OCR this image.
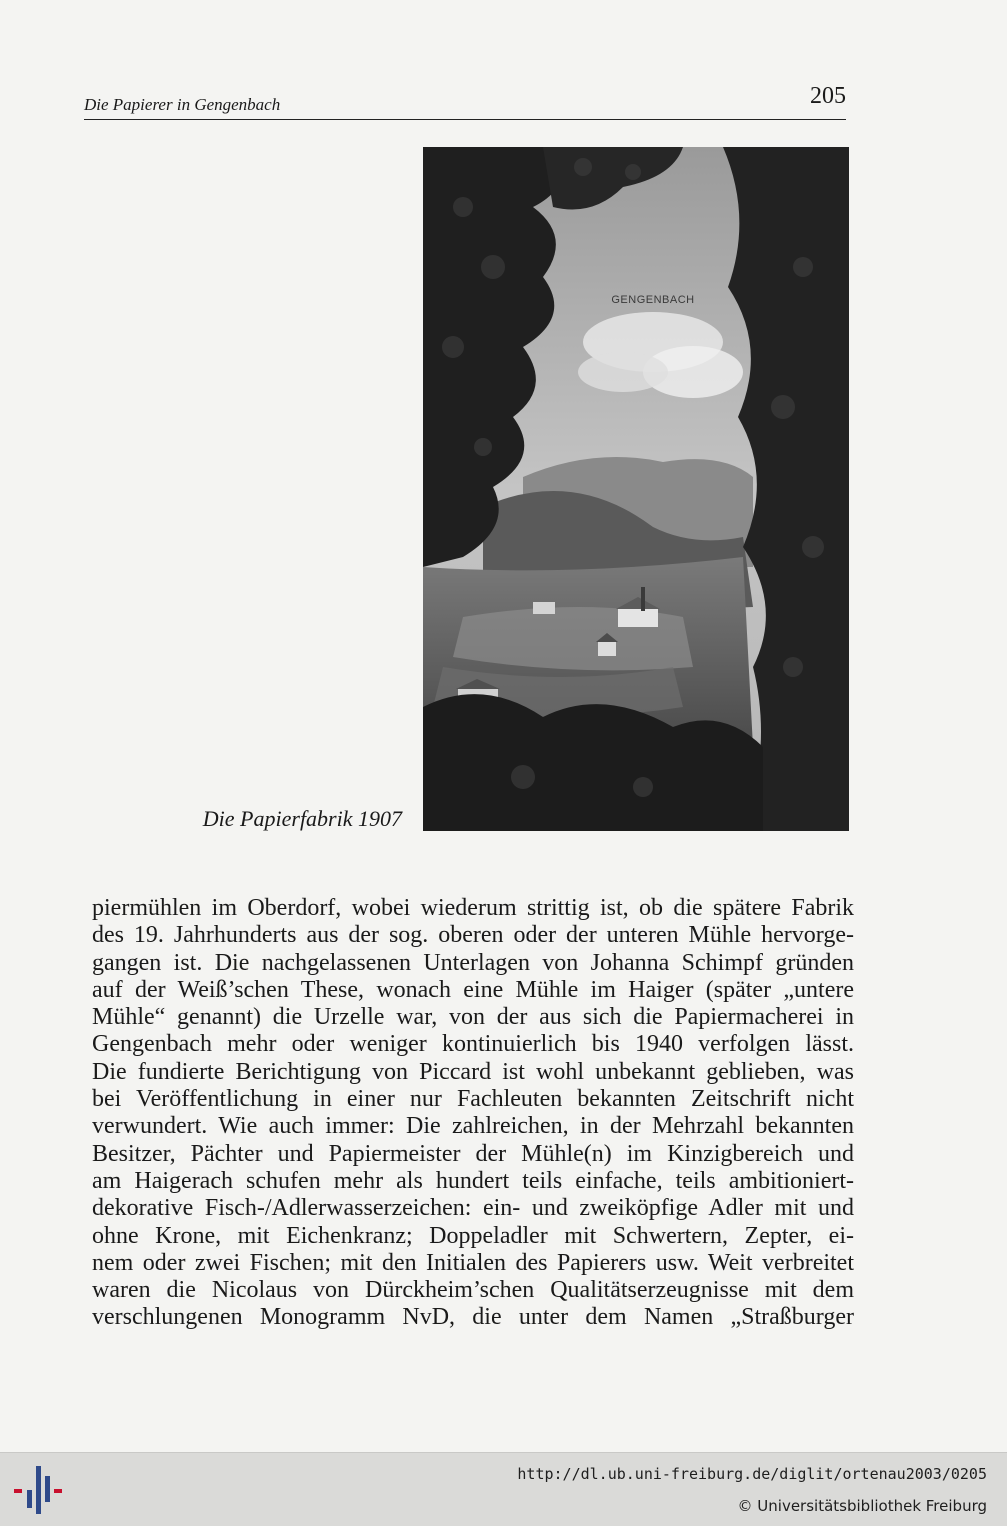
Die Papierer in Gengenbach	205
GENGENBACH
Die Papierfabrik 1907
piermühlen im Oberdorf, wobei wiederum strittig ist, ob die spätere Fabrik
des 19. Jahrhunderts aus der sog. oberen oder der unteren Mühle hervorge-
gangen ist. Die nachgelassenen Unterlagen von Johanna Schimpf gründen
auf der Weiß’schen These, wonach eine Mühle im Haiger (später „untere
Mühle“ genannt) die Urzelle war, von der aus sich die Papiermacherei in
Gengenbach mehr oder weniger kontinuierlich bis 1940 verfolgen lässt.
Die fundierte Berichtigung von Piccard ist wohl unbekannt geblieben, was
bei Veröffentlichung in einer nur Fachleuten bekannten Zeitschrift nicht
verwundert. Wie auch immer: Die zahlreichen, in der Mehrzahl bekannten
Besitzer, Pächter und Papiermeister der Mühle(n) im Kinzigbereich und
am Haigerach schufen mehr als hundert teils einfache, teils ambitioniert-
dekorative Fisch-/Adlerwasserzeichen: ein- und zweiköpfige Adler mit und
ohne Krone, mit Eichenkranz; Doppeladler mit Schwertern, Zepter, ei-
nem oder zwei Fischen; mit den Initialen des Papierers usw. Weit verbreitet
waren die Nicolaus von Dürckheim’schen Qualitätserzeugnisse mit dem
verschlungenen Monogramm NvD, die unter dem Namen „Straßburger
http://dl.ub.uni-freiburg.de/diglit/ortenau2003/0205
© Universitätsbibliothek Freiburg
